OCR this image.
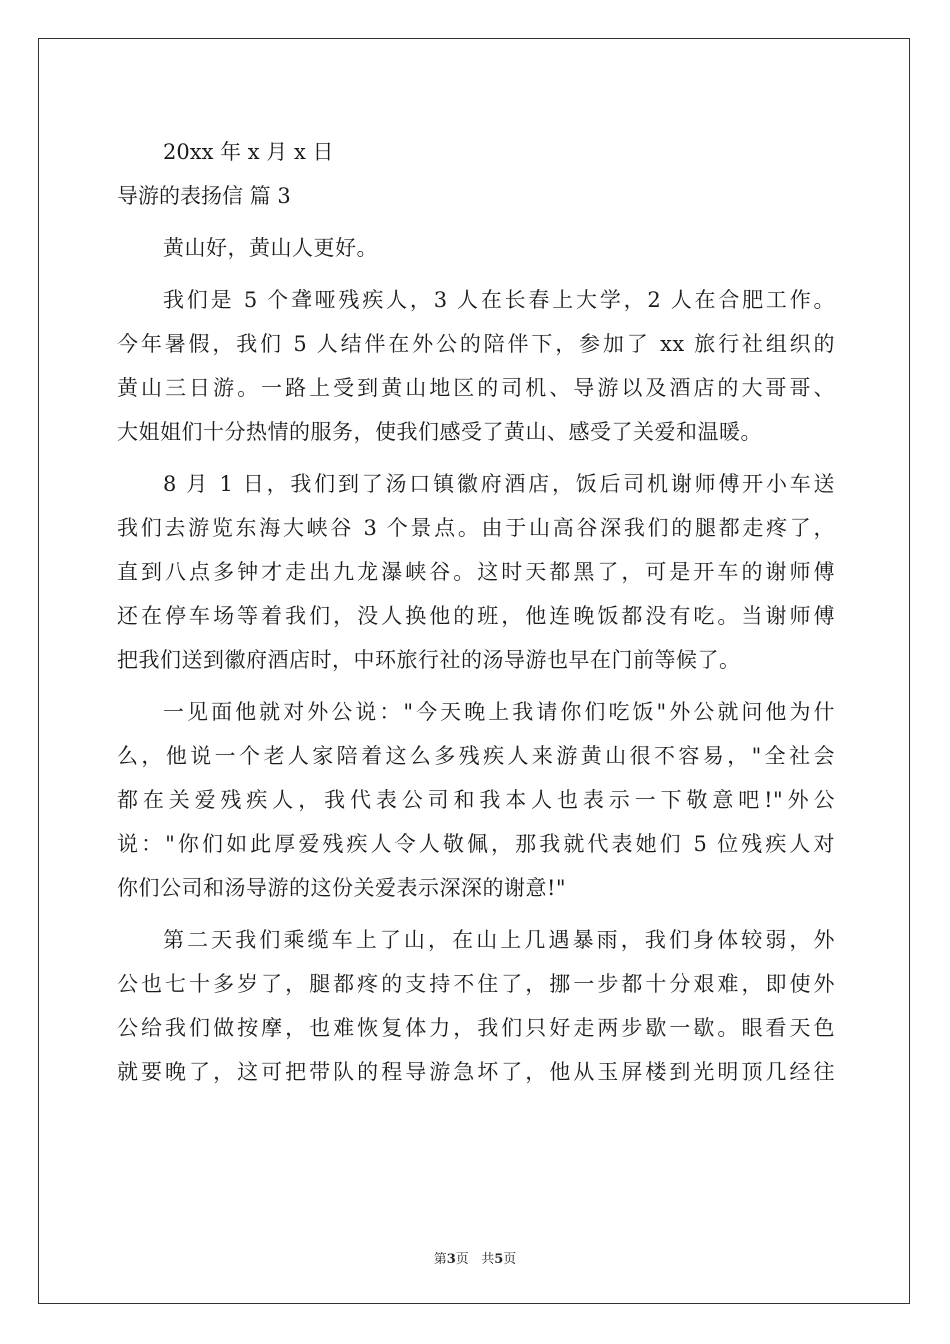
20xx 年 x 月 x 日
导游的表扬信 篇 3
黄山好，黄山人更好。
我们是 5 个聋哑残疾人，3 人在长春上大学，2 人在合肥工作。
今年暑假，我们 5 人结伴在外公的陪伴下，参加了 xx 旅行社组织的
黄山三日游。一路上受到黄山地区的司机、导游以及酒店的大哥哥、
大姐姐们十分热情的服务，使我们感受了黄山、感受了关爱和温暖。
8 月 1 日，我们到了汤口镇徽府酒店，饭后司机谢师傅开小车送
我们去游览东海大峡谷 3 个景点。由于山高谷深我们的腿都走疼了，
直到八点多钟才走出九龙瀑峡谷。这时天都黑了，可是开车的谢师傅
还在停车场等着我们，没人换他的班，他连晚饭都没有吃。当谢师傅
把我们送到徽府酒店时，中环旅行社的汤导游也早在门前等候了。
一见面他就对外公说："今天晚上我请你们吃饭"外公就问他为什
么，他说一个老人家陪着这么多残疾人来游黄山很不容易，"全社会
都在关爱残疾人，我代表公司和我本人也表示一下敬意吧!"外公
说："你们如此厚爱残疾人令人敬佩，那我就代表她们 5 位残疾人对
你们公司和汤导游的这份关爱表示深深的谢意!"
第二天我们乘缆车上了山，在山上几遇暴雨，我们身体较弱，外
公也七十多岁了，腿都疼的支持不住了，挪一步都十分艰难，即使外
公给我们做按摩，也难恢复体力，我们只好走两步歇一歇。眼看天色
就要晚了，这可把带队的程导游急坏了，他从玉屏楼到光明顶几经往
第3页 共5页
